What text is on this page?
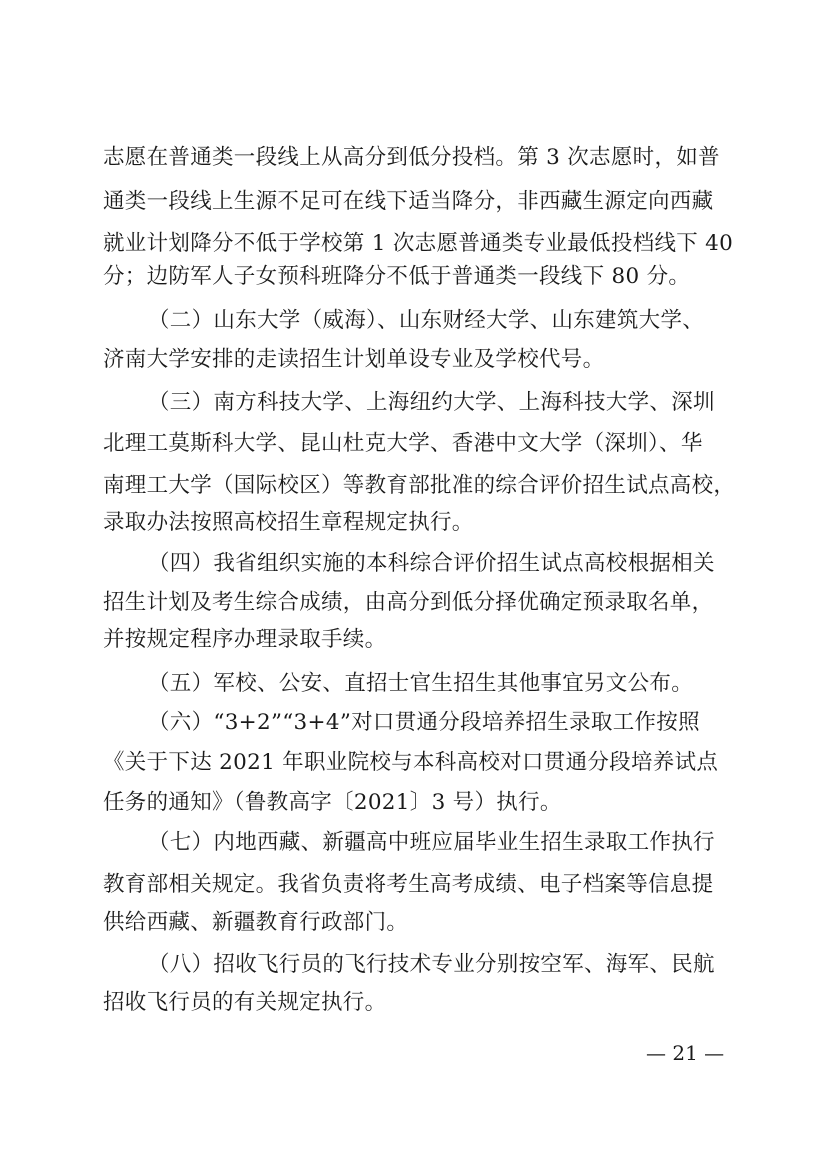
志愿在普通类一段线上从高分到低分投档。第 3 次志愿时，如普
通类一段线上生源不足可在线下适当降分，非西藏生源定向西藏
就业计划降分不低于学校第 1 次志愿普通类专业最低投档线下 40
分；边防军人子女预科班降分不低于普通类一段线下 80 分。
（二）山东大学（威海）、山东财经大学、山东建筑大学、
济南大学安排的走读招生计划单设专业及学校代号。
（三）南方科技大学、上海纽约大学、上海科技大学、深圳
北理工莫斯科大学、昆山杜克大学、香港中文大学（深圳）、华
南理工大学（国际校区）等教育部批准的综合评价招生试点高校，
录取办法按照高校招生章程规定执行。
（四）我省组织实施的本科综合评价招生试点高校根据相关
招生计划及考生综合成绩，由高分到低分择优确定预录取名单，
并按规定程序办理录取手续。
（五）军校、公安、直招士官生招生其他事宜另文公布。
（六）“3+2”“3+4”对口贯通分段培养招生录取工作按照
《关于下达 2021 年职业院校与本科高校对口贯通分段培养试点
任务的通知》（鲁教高字〔2021〕3 号）执行。
（七）内地西藏、新疆高中班应届毕业生招生录取工作执行
教育部相关规定。我省负责将考生高考成绩、电子档案等信息提
供给西藏、新疆教育行政部门。
（八）招收飞行员的飞行技术专业分别按空军、海军、民航
招收飞行员的有关规定执行。
— 21 —
